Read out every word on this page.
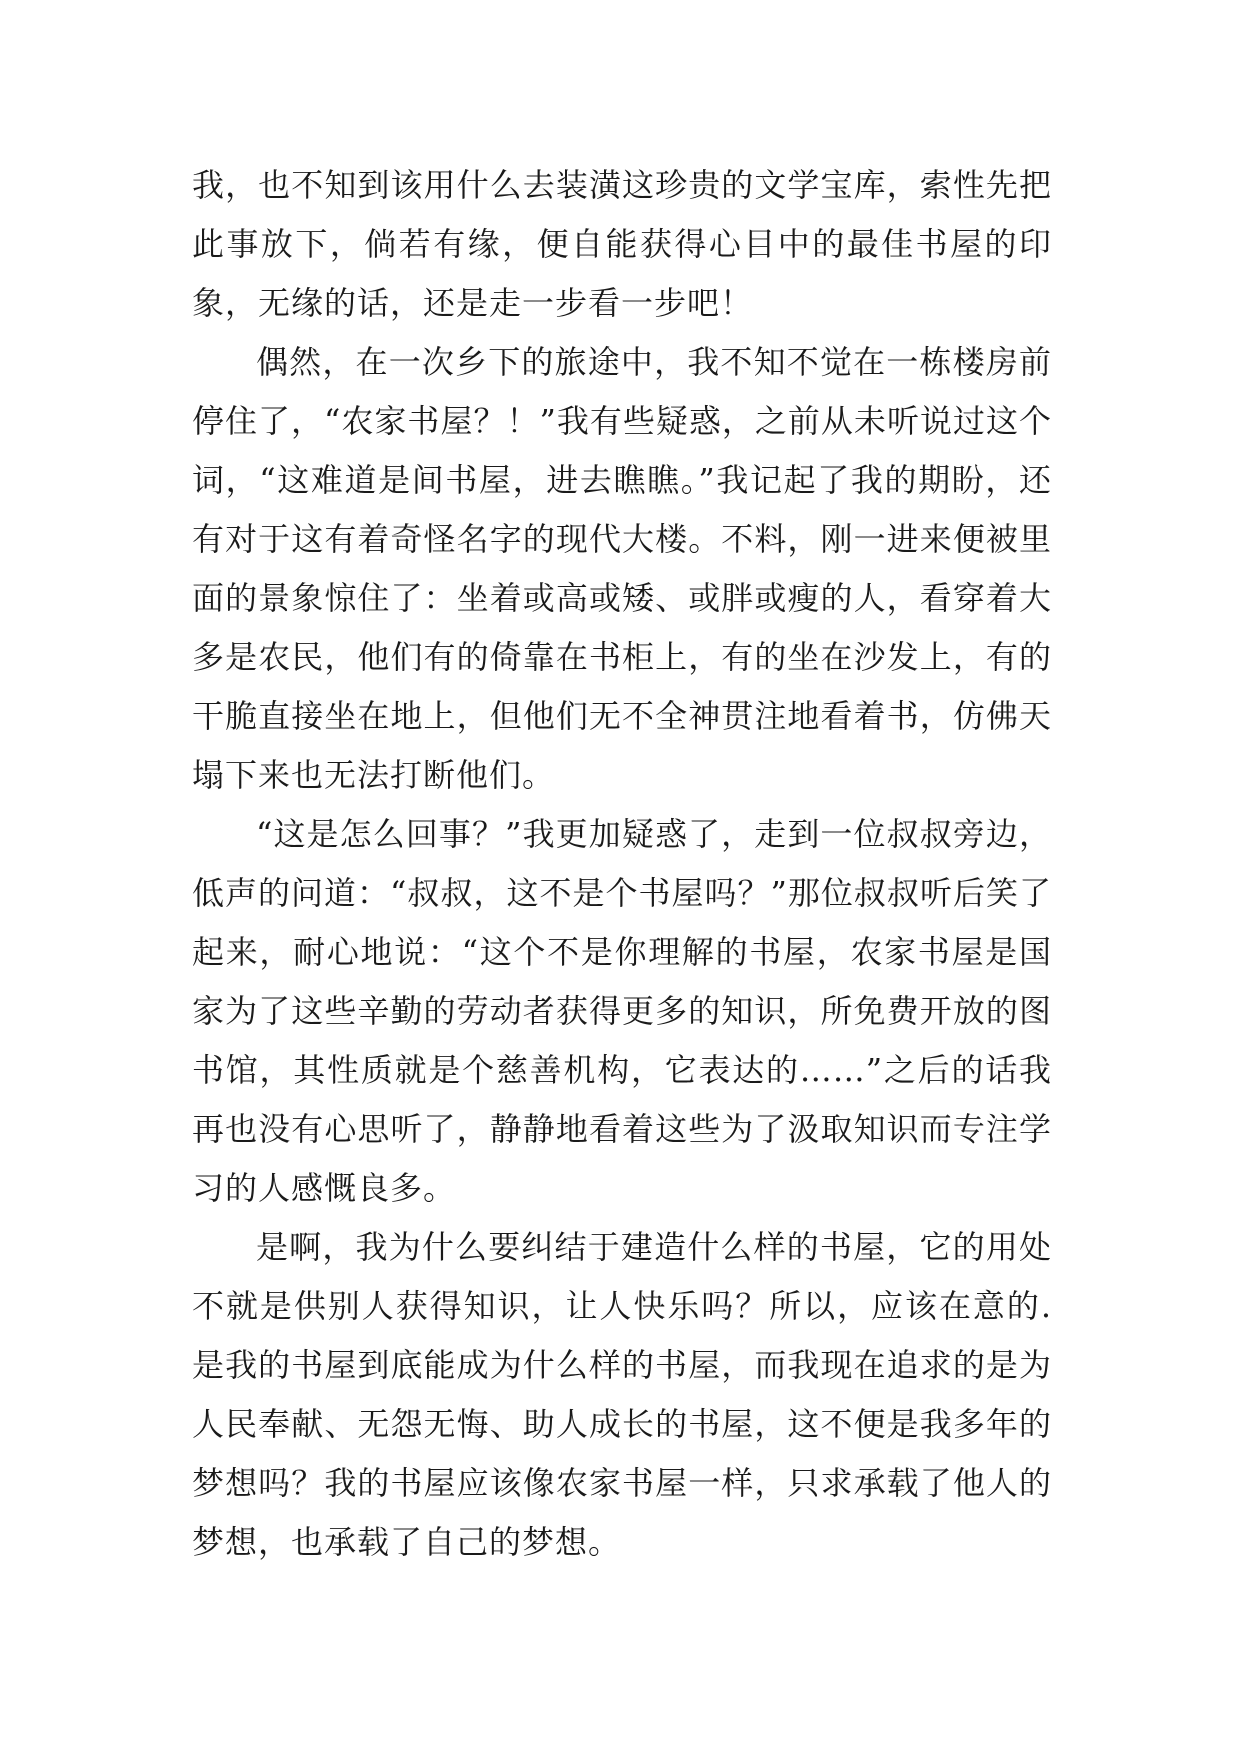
我，也不知到该用什么去装潢这珍贵的文学宝库，索性先把此事放下，倘若有缘，便自能获得心目中的最佳书屋的印象，无缘的话，还是走一步看一步吧！

偶然，在一次乡下的旅途中，我不知不觉在一栋楼房前停住了，“农家书屋？！”我有些疑惑，之前从未听说过这个词，“这难道是间书屋，进去瞧瞧。”我记起了我的期盼，还有对于这有着奇怪名字的现代大楼。不料，刚一进来便被里面的景象惊住了：坐着或高或矮、或胖或瘦的人，看穿着大多是农民，他们有的倚靠在书柜上，有的坐在沙发上，有的干脆直接坐在地上，但他们无不全神贯注地看着书，仿佛天塌下来也无法打断他们。

“这是怎么回事？”我更加疑惑了，走到一位叔叔旁边，低声的问道：“叔叔，这不是个书屋吗？”那位叔叔听后笑了起来，耐心地说：“这个不是你理解的书屋，农家书屋是国家为了这些辛勤的劳动者获得更多的知识，所免费开放的图书馆，其性质就是个慈善机构，它表达的……”之后的话我再也没有心思听了，静静地看着这些为了汲取知识而专注学习的人感慨良多。

是啊，我为什么要纠结于建造什么样的书屋，它的用处不就是供别人获得知识，让人快乐吗？所以，应该在意的.是我的书屋到底能成为什么样的书屋，而我现在追求的是为人民奉献、无怨无悔、助人成长的书屋，这不便是我多年的梦想吗？我的书屋应该像农家书屋一样，只求承载了他人的梦想，也承载了自己的梦想。
